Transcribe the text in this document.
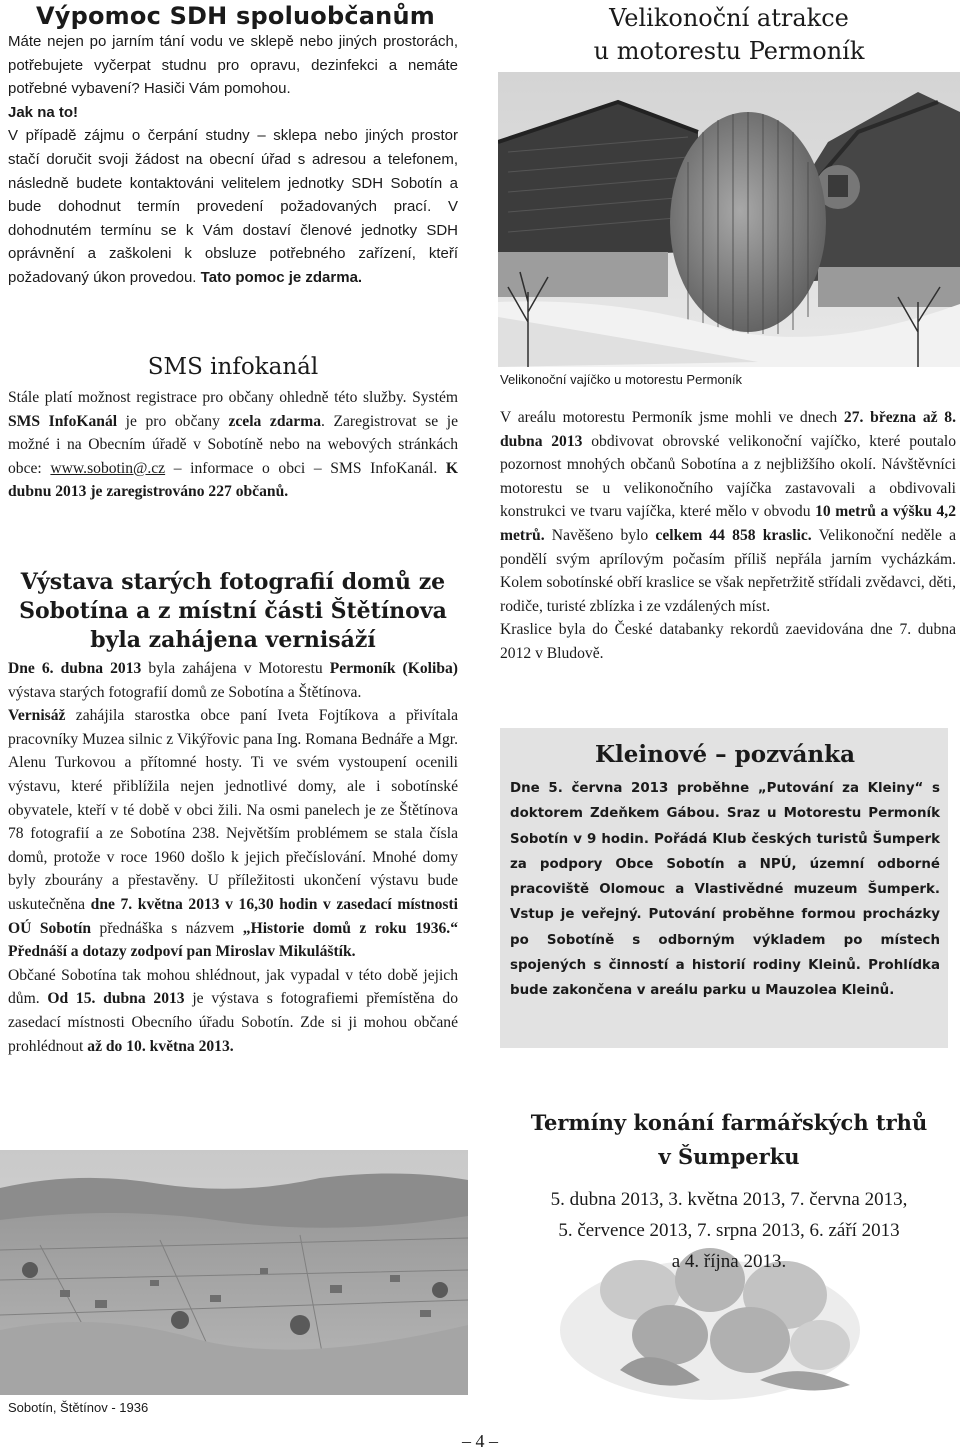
Výpomoc SDH spoluobčanům

Máte nejen po jarním tání vodu ve sklepě nebo jiných prostorách, potřebujete vyčerpat studnu pro opravu, dezinfekci a nemáte potřebné vybavení? Hasiči Vám pomohou.

Jak na to!

V případě zájmu o čerpání studny – sklepa nebo jiných prostor stačí doručit svoji žádost na obecní úřad s adresou a telefonem, následně budete kontaktováni velitelem jednotky SDH Sobotín a bude dohodnut termín provedení požadovaných prací. V dohodnutém termínu se k Vám dostaví členové jednotky SDH oprávnění a zaškoleni k obsluze potřebného zařízení, kteří požadovaný úkon provedou. Tato pomoc je zdarma.

SMS infokanál

Stále platí možnost registrace pro občany ohledně této služby. Systém SMS InfoKanál je pro občany zcela zdarma. Zaregistrovat se je možné i na Obecním úřadě v Sobotíně nebo na webových stránkách obce: www.sobotin@.cz – informace o obci – SMS InfoKanál. K dubnu 2013 je zaregistrováno 227 občanů.

Výstava starých fotografií domů ze
Sobotína a z místní části Štětínova
byla zahájena vernisáží

Dne 6. dubna 2013 byla zahájena v Motorestu Permoník (Koliba) výstava starých fotografií domů ze Sobotína a Štětínova.

Vernisáž zahájila starostka obce paní Iveta Fojtíkova a přivítala pracovníky Muzea silnic z Vikýřovic pana Ing. Romana Bednáře a Mgr. Alenu Turkovou a přítomné hosty. Ti ve svém vystoupení ocenili výstavu, které přiblížila nejen jednotlivé domy, ale i sobotínské obyvatele, kteří v té době v obci žili. Na osmi panelech je ze Štětínova 78 fotografií a ze Sobotína 238. Největším problémem se stala čísla domů, protože v roce 1960 došlo k jejich přečíslování. Mnohé domy byly zbourány a přestavěny. U příležitosti ukončení výstavu bude uskutečněna dne 7. května 2013 v 16,30 hodin v zasedací místnosti OÚ Sobotín přednáška s názvem „Historie domů z roku 1936.“ Přednáší a dotazy zodpoví pan Miroslav Mikuláštík.

Občané Sobotína tak mohou shlédnout, jak vypadal v této době jejich dům. Od 15. dubna 2013 je výstava s fotografiemi přemístěna do zasedací místnosti Obecního úřadu Sobotín. Zde si ji mohou občané prohlédnout až do 10. května 2013.

Sobotín, Štětínov - 1936
Velikonoční atrakce
u motorestu Permoník
Velikonoční vajíčko u motorestu Permoník

V areálu motorestu Permoník jsme mohli ve dnech 27. března až 8. dubna 2013 obdivovat obrovské velikonoční vajíčko, které poutalo pozornost mnohých občanů Sobotína a z nejbližšího okolí. Návštěvníci motorestu se u velikonočního vajíčka zastavovali a obdivovali konstrukci ve tvaru vajíčka, které mělo v obvodu 10 metrů a výšku 4,2 metrů. Navěšeno bylo celkem 44 858 kraslic. Velikonoční neděle a pondělí svým aprílovým počasím příliš nepřála jarním vycházkám. Kolem sobotínské obří kraslice se však nepřetržitě střídali zvědavci, děti, rodiče, turisté zblízka i ze vzdálených míst.

Kraslice byla do České databanky rekordů zaevidována dne 7. dubna 2012 v Bludově.

Kleinové – pozvánka

Dne 5. června 2013 proběhne „Putování za Kleiny“ s doktorem Zdeňkem Gábou. Sraz u Motorestu Permoník Sobotín v 9 hodin. Pořádá Klub českých turistů Šumperk za podpory Obce Sobotín a NPÚ, územní odborné pracoviště Olomouc a Vlastivědné muzeum Šumperk. Vstup je veřejný. Putování proběhne formou procházky po Sobotíně s odborným výkladem po místech spojených s činností a historií rodiny Kleinů. Prohlídka bude zakončena v areálu parku u Mauzolea Kleinů.

Termíny konání farmářských trhů
v Šumperku
5. dubna 2013, 3. května 2013, 7. června 2013,
5. července 2013, 7. srpna 2013, 6. září 2013
a 4. října 2013.
– 4 –
